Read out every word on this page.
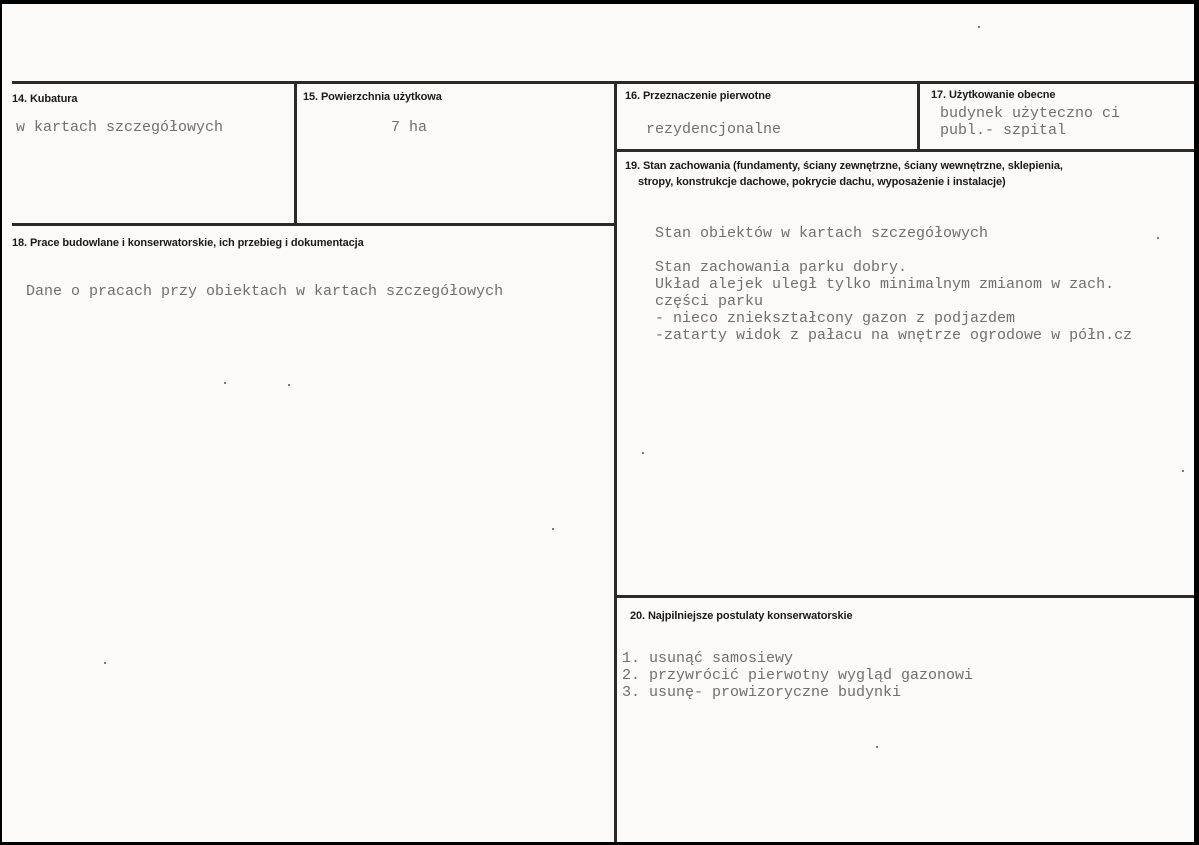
14. Kubatura
w kartach szczegółowych
15. Powierzchnia użytkowa
7 ha
16. Przeznaczenie pierwotne
rezydencjonalne
17. Użytkowanie obecne
budynek użyteczno ci
publ.- szpital
18. Prace budowlane i konserwatorskie, ich przebieg i dokumentacja
Dane o pracach przy obiektach w kartach szczegółowych
19. Stan zachowania (fundamenty, ściany zewnętrzne, ściany wewnętrzne, sklepienia,
stropy, konstrukcje dachowe, pokrycie dachu, wyposażenie i instalacje)
Stan obiektów w kartach szczegółowych
Stan zachowania parku dobry.
Układ alejek uległ tylko minimalnym zmianom w zach.
części parku
- nieco zniekształcony gazon z podjazdem
-zatarty widok z pałacu na wnętrze ogrodowe w półn.cz
20. Najpilniejsze postulaty konserwatorskie
1. usunąć samosiewy
2. przywrócić pierwotny wygląd gazonowi
3. usunę- prowizoryczne budynki
